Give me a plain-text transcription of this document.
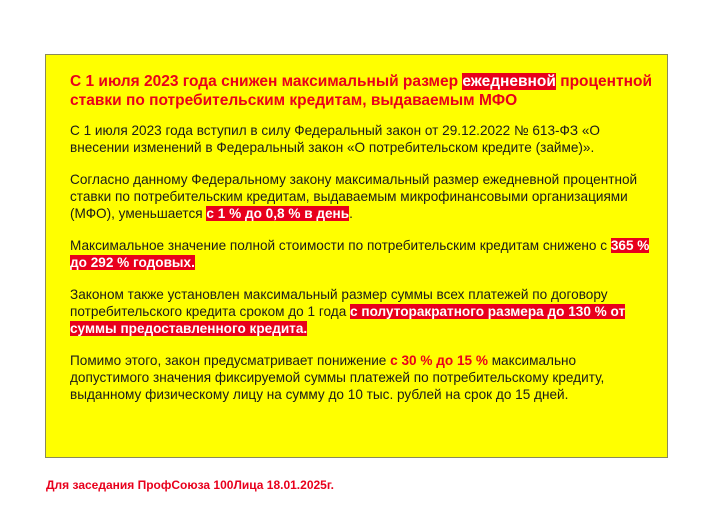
С 1 июля 2023 года снижен максимальный размер ежедневной процентной ставки по потребительским кредитам, выдаваемым МФО

С 1 июля 2023 года вступил в силу Федеральный закон от 29.12.2022 № 613-ФЗ «О внесении изменений в Федеральный закон «О потребительском кредите (займе)».

Согласно данному Федеральному закону максимальный размер ежедневной процентной ставки по потребительским кредитам, выдаваемым микрофинансовыми организациями (МФО), уменьшается с 1 % до 0,8 % в день.

Максимальное значение полной стоимости по потребительским кредитам снижено с 365 % до 292 % годовых.

Законом также установлен максимальный размер суммы всех платежей по договору потребительского кредита сроком до 1 года с полуторакратного размера до 130 % от суммы предоставленного кредита.

Помимо этого, закон предусматривает понижение с 30 % до 15 % максимально допустимого значения фиксируемой суммы платежей по потребительскому кредиту, выданному физическому лицу на сумму до 10 тыс. рублей на срок до 15 дней.

Для заседания ПрофСоюза 100Лица 18.01.2025г.
